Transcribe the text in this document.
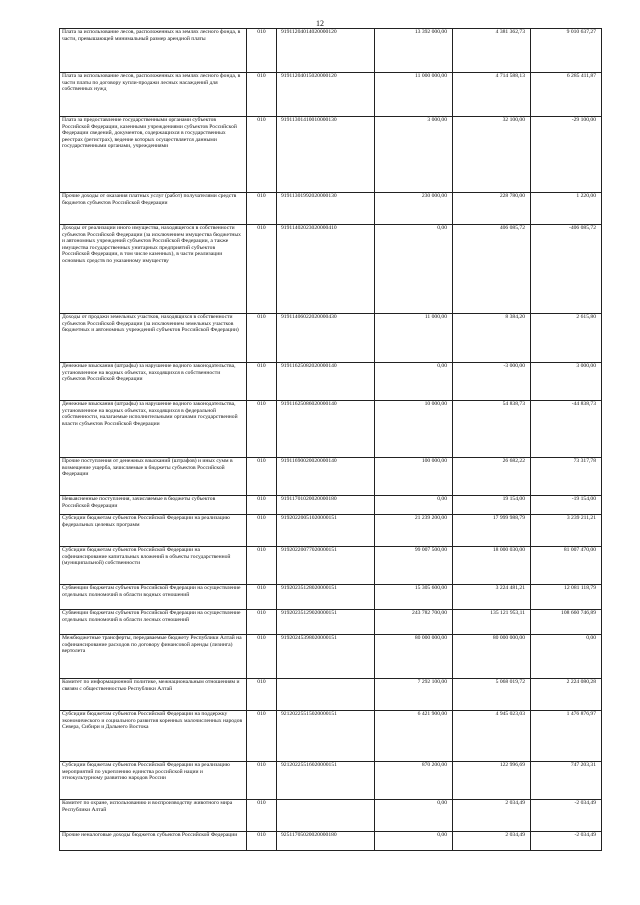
12
Плата за использование лесов, расположенных на землях лесного фонда, в части, превышающей минимальный размер арендной платы	010	91911204014020000120	13 392 000,00	4 381 362,73	9 010 637,27
Плата за использование лесов, расположенных на землях лесного фонда, в части платы по договору купли-продажи лесных насаждений для собственных нужд	010	91911204015020000120	11 000 000,00	4 714 588,13	6 285 411,87
Плата за предоставление государственными органами субъектов Российской Федерации, казенными учреждениями субъектов Российской Федерации сведений, документов, содержащихся в государственных реестрах (регистрах), ведение которых осуществляется данными государственными органами, учреждениями	010	91911301410010000130	3 000,00	32 100,00	-29 100,00
Прочие доходы от оказания платных услуг (работ) получателями средств бюджетов субъектов Российской Федерации	010	91911301992020000130	230 000,00	228 780,00	1 220,00
Доходы от реализации иного имущества, находящегося в собственности субъектов Российской Федерации (за исключением имущества бюджетных и автономных учреждений субъектов Российской Федерации, а также имущества государственных унитарных предприятий субъектов Российской Федерации, в том числе казенных), в части реализации основных средств по указанному имуществу	010	91911402023020000410	0,00	406 085,72	-406 085,72
Доходы от продажи земельных участков, находящихся в собственности субъектов Российской Федерации (за исключением земельных участков бюджетных и автономных учреждений субъектов Российской Федерации)	010	91911406022020000430	11 000,00	8 384,20	2 615,80
Денежные взыскания (штрафы) за нарушение водного законодательства, установленное на водных объектах, находящихся в собственности субъектов Российской Федерации	010	91911625082020000140	0,00	-3 000,00	3 000,00
Денежные взыскания (штрафы) за нарушение водного законодательства, установленное на водных объектах, находящихся в федеральной собственности, налагаемые исполнительными органами государственной власти субъектов Российской Федерации	010	91911625086020000140	10 000,00	54 838,73	-44 838,73
Прочие поступления от денежных взысканий (штрафов) и иных сумм в возмещение ущерба, зачисляемые в бюджеты субъектов Российской Федерации	010	91911690020020000140	100 000,00	26 682,22	73 317,78
Невыясненные поступления, зачисляемые в бюджеты субъектов Российской Федерации	010	91911701020020000180	0,00	19 154,00	-19 154,00
Субсидии бюджетам субъектов Российской Федерации на реализацию федеральных целевых программ	010	91920220051020000151	21 239 200,00	17 999 988,79	3 239 211,21
Субсидии бюджетам субъектов Российской Федерации на софинансирование капитальных вложений в объекты государственной (муниципальной) собственности	010	91920220077020000151	99 007 500,00	18 000 030,00	81 007 470,00
Субвенции бюджетам субъектов Российской Федерации на осуществление отдельных полномочий в области водных отношений	010	91920235128020000151	15 305 600,00	3 224 481,21	12 081 118,79
Субвенции бюджетам субъектов Российской Федерации на осуществление отдельных полномочий в области лесных отношений	010	91920235129020000151	243 782 700,00	135 121 953,11	108 660 746,89
Межбюджетные трансферты, передаваемые бюджету Республики Алтай на софинансирование расходов по договору финансовой аренды (лизинга) вертолета	010	91920245398020000151	80 000 000,00	80 000 000,00	0,00
Комитет по информационной политике, межнациональным отношениям и связям с общественностью Республики Алтай	010		7 292 100,00	5 068 019,72	2 224 080,28
Субсидии бюджетам субъектов Российской Федерации на поддержку экономического и социального развития коренных малочисленных народов Севера, Сибири и Дальнего Востока	010	92120225515020000151	6 421 900,00	4 945 023,03	1 476 876,97
Субсидии бюджетам субъектов Российской Федерации на реализацию мероприятий по укреплению единства российской нации и этнокультурному развитию народов России	010	92120225516020000151	870 200,00	122 996,69	747 203,31
Комитет по охране, использованию и воспроизводству животного мира Республики Алтай	010		0,00	2 034,49	-2 034,49
Прочие неналоговые доходы бюджетов субъектов Российской Федерации	010	92511705020020000180	0,00	2 034,49	-2 034,49
